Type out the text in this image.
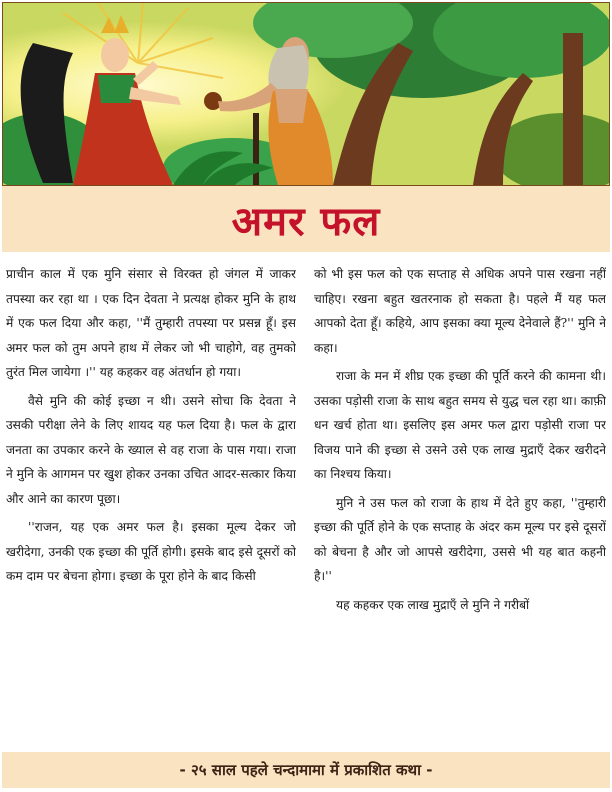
अमर फल

प्राचीन काल में एक मुनि संसार से विरक्त हो जंगल में जाकर तपस्या कर रहा था । एक दिन देवता ने प्रत्यक्ष होकर मुनि के हाथ में एक फल दिया और कहा, ''मैं तुम्हारी तपस्या पर प्रसन्न हूँ। इस अमर फल को तुम अपने हाथ में लेकर जो भी चाहोगे, वह तुमको तुरंत मिल जायेगा ।'' यह कहकर वह अंतर्धान हो गया।

वैसे मुनि की कोई इच्छा न थी। उसने सोचा कि देवता ने उसकी परीक्षा लेने के लिए शायद यह फल दिया है। फल के द्वारा जनता का उपकार करने के ख्याल से वह राजा के पास गया। राजा ने मुनि के आगमन पर खुश होकर उनका उचित आदर-सत्कार किया और आने का कारण पूछा।

''राजन, यह एक अमर फल है। इसका मूल्य देकर जो खरीदेगा, उनकी एक इच्छा की पूर्ति होगी। इसके बाद इसे दूसरों को कम दाम पर बेचना होगा। इच्छा के पूरा होने के बाद किसी

को भी इस फल को एक सप्ताह से अधिक अपने पास रखना नहीं चाहिए। रखना बहुत खतरनाक हो सकता है। पहले मैं यह फल आपको देता हूँ। कहिये, आप इसका क्या मूल्य देनेवाले हैं?'' मुनि ने कहा।

राजा के मन में शीघ्र एक इच्छा की पूर्ति करने की कामना थी। उसका पड़ोसी राजा के साथ बहुत समय से युद्ध चल रहा था। काफ़ी धन खर्च होता था। इसलिए इस अमर फल द्वारा पड़ोसी राजा पर विजय पाने की इच्छा से उसने उसे एक लाख मुद्राएँ देकर खरीदने का निश्चय किया।

मुनि ने उस फल को राजा के हाथ में देते हुए कहा, ''तुम्हारी इच्छा की पूर्ति होने के एक सप्ताह के अंदर कम मूल्य पर इसे दूसरों को बेचना है और जो आपसे खरीदेगा, उससे भी यह बात कहनी है।''

यह कहकर एक लाख मुद्राएँ ले मुनि ने गरीबों

- २५ साल पहले चन्दामामा में प्रकाशित कथा -
